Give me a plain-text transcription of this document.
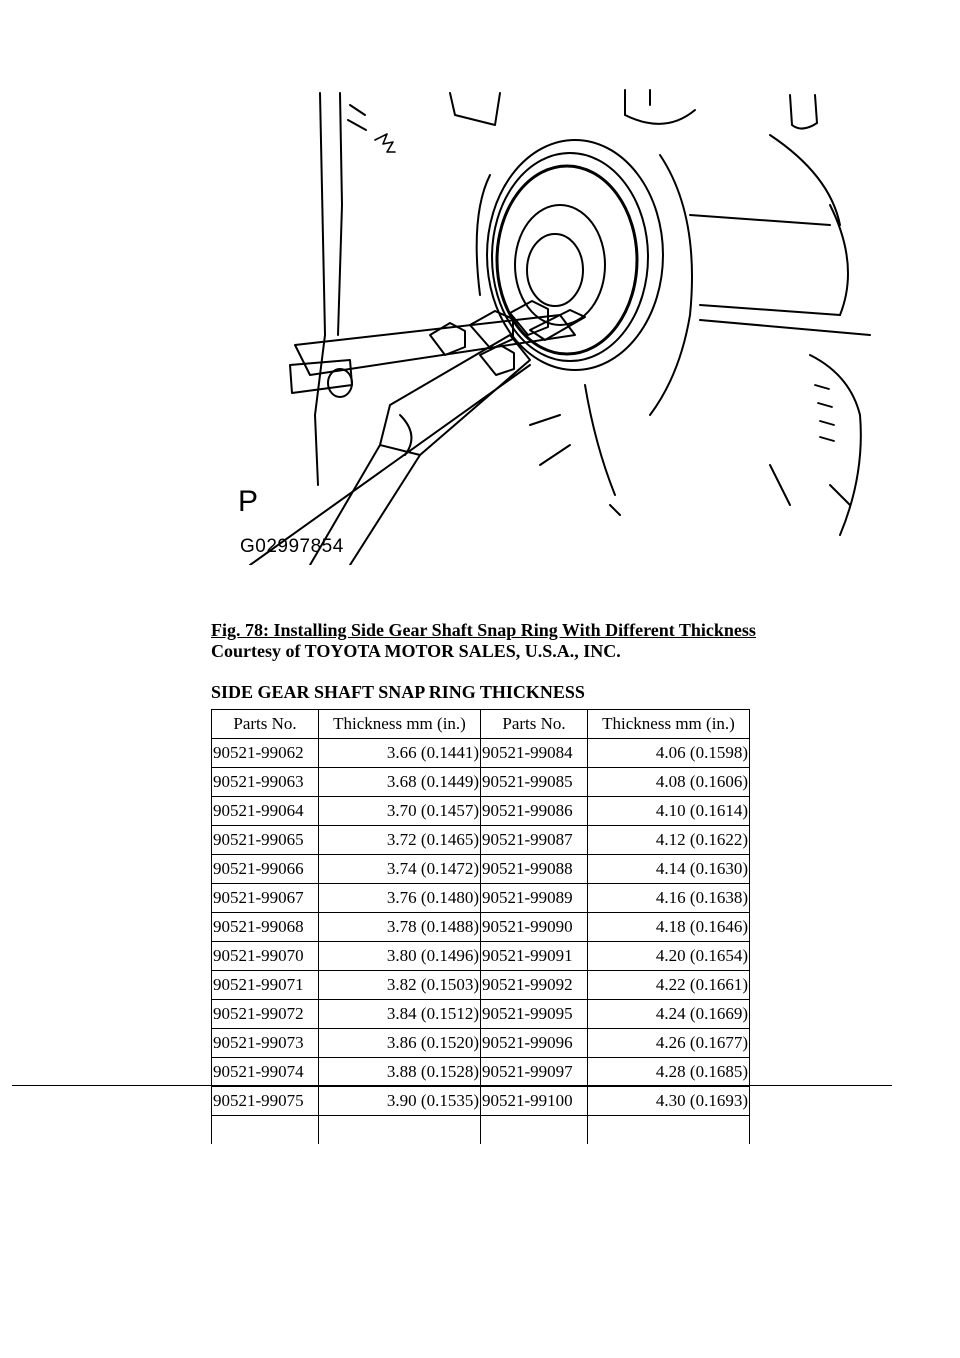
P
G02997854
Fig. 78: Installing Side Gear Shaft Snap Ring With Different Thickness
Courtesy of TOYOTA MOTOR SALES, U.S.A., INC.
SIDE GEAR SHAFT SNAP RING THICKNESS
Parts No.	Thickness mm (in.)	Parts No.	Thickness mm (in.)
90521-99062	3.66 (0.1441)	90521-99084	4.06 (0.1598)
90521-99063	3.68 (0.1449)	90521-99085	4.08 (0.1606)
90521-99064	3.70 (0.1457)	90521-99086	4.10 (0.1614)
90521-99065	3.72 (0.1465)	90521-99087	4.12 (0.1622)
90521-99066	3.74 (0.1472)	90521-99088	4.14 (0.1630)
90521-99067	3.76 (0.1480)	90521-99089	4.16 (0.1638)
90521-99068	3.78 (0.1488)	90521-99090	4.18 (0.1646)
90521-99070	3.80 (0.1496)	90521-99091	4.20 (0.1654)
90521-99071	3.82 (0.1503)	90521-99092	4.22 (0.1661)
90521-99072	3.84 (0.1512)	90521-99095	4.24 (0.1669)
90521-99073	3.86 (0.1520)	90521-99096	4.26 (0.1677)
90521-99074	3.88 (0.1528)	90521-99097	4.28 (0.1685)
90521-99075	3.90 (0.1535)	90521-99100	4.30 (0.1693)
